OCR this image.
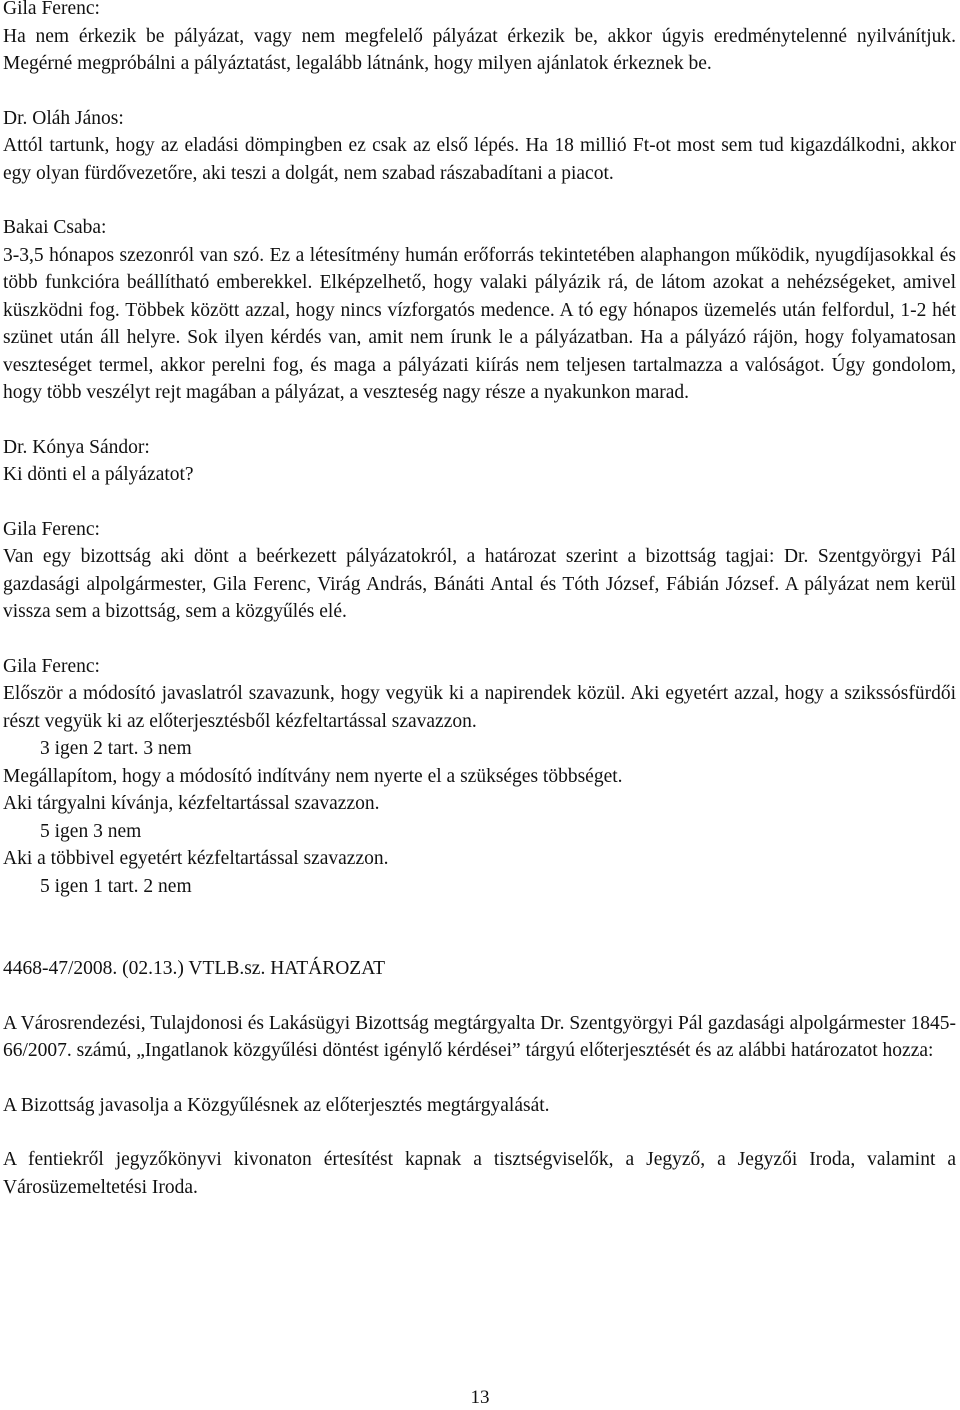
Gila Ferenc:

Ha nem érkezik be pályázat, vagy nem megfelelő pályázat érkezik be, akkor úgyis eredménytelenné nyilvánítjuk. Megérné megpróbálni a pályáztatást, legalább látnánk, hogy milyen ajánlatok érkeznek be.

Dr. Oláh János:

Attól tartunk, hogy az eladási dömpingben ez csak az első lépés. Ha 18 millió Ft-ot most sem tud kigazdálkodni, akkor egy olyan fürdővezetőre, aki teszi a dolgát, nem szabad rászabadítani a piacot.

Bakai Csaba:

3-3,5 hónapos szezonról van szó. Ez a létesítmény humán erőforrás tekintetében alaphangon működik, nyugdíjasokkal és több funkcióra beállítható emberekkel. Elképzelhető, hogy valaki pályázik rá, de látom azokat a nehézségeket, amivel küszködni fog. Többek között azzal, hogy nincs vízforgatós medence. A tó egy hónapos üzemelés után felfordul, 1-2 hét szünet után áll helyre. Sok ilyen kérdés van, amit nem írunk le a pályázatban. Ha a pályázó rájön, hogy folyamatosan veszteséget termel, akkor perelni fog, és maga a pályázati kiírás nem teljesen tartalmazza a valóságot. Úgy gondolom, hogy több veszélyt rejt magában a pályázat, a veszteség nagy része a nyakunkon marad.

Dr. Kónya Sándor:

Ki dönti el a pályázatot?

Gila Ferenc:

Van egy bizottság aki dönt a beérkezett pályázatokról, a határozat szerint a bizottság tagjai: Dr. Szentgyörgyi Pál gazdasági alpolgármester, Gila Ferenc, Virág András, Bánáti Antal és Tóth József, Fábián József. A pályázat nem kerül vissza sem a bizottság, sem a közgyűlés elé.

Gila Ferenc:

Először a módosító javaslatról szavazunk, hogy vegyük ki a napirendek közül. Aki egyetért azzal, hogy a szikssósfürdői részt vegyük ki az előterjesztésből kézfeltartással szavazzon.

3 igen 2 tart. 3 nem

Megállapítom, hogy a módosító indítvány nem nyerte el a szükséges többséget.

Aki tárgyalni kívánja, kézfeltartással szavazzon.

5 igen 3 nem

Aki a többivel egyetért kézfeltartással szavazzon.

5 igen 1 tart. 2 nem

4468-47/2008. (02.13.) VTLB.sz. HATÁROZAT

A Városrendezési, Tulajdonosi és Lakásügyi Bizottság megtárgyalta Dr. Szentgyörgyi Pál gazdasági alpolgármester 1845-66/2007. számú, „Ingatlanok közgyűlési döntést igénylő kérdései” tárgyú előterjesztését és az alábbi határozatot hozza:

A Bizottság javasolja a Közgyűlésnek az előterjesztés megtárgyalását.

A fentiekről jegyzőkönyvi kivonaton értesítést kapnak a tisztségviselők, a Jegyző, a Jegyzői Iroda, valamint a Városüzemeltetési Iroda.

13
